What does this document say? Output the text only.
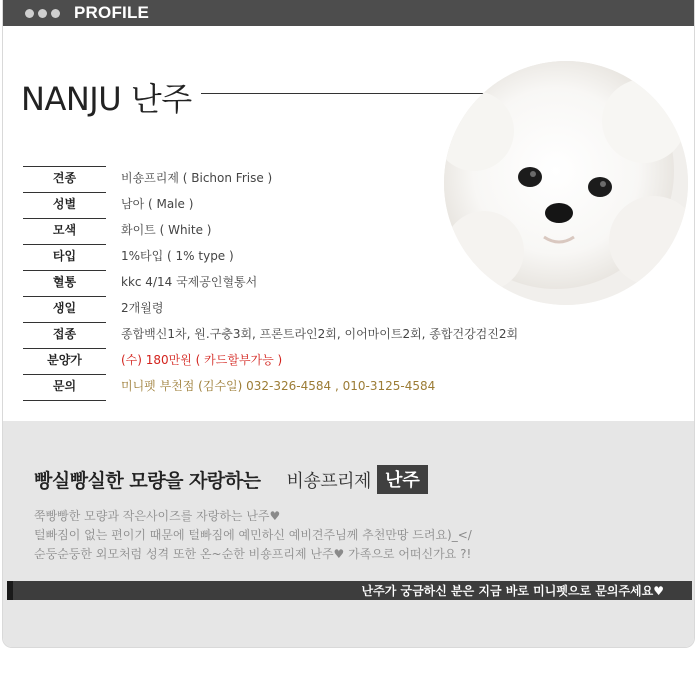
PROFILE
NANJU 난주
견종	비숑프리제 ( Bichon Frise )
성별	남아 ( Male )
모색	화이트 ( White )
타입	1%타입 ( 1% type )
혈통	kkc 4/14 국제공인혈통서
생일	2개월령
접종	종합백신1차, 원.구충3회, 프론트라인2회, 이어마이트2회, 종합건강검진2회
분양가	(수) 180만원 ( 카드할부가능 )
문의	미니펫 부천점 (김수일) 032-326-4584 , 010-3125-4584
빵실빵실한 모량을 자랑하는 비숑프리제 난주
쭉빵빵한 모량과 작은사이즈를 자랑하는 난주♥
털빠짐이 없는 편이기 때문에 털빠짐에 예민하신 예비견주님께 추천만땅 드려요)_</
순둥순둥한 외모처럼 성격 또한 온~순한 비숑프리제 난주♥ 가족으로 어떠신가요 ?!
난주가 궁금하신 분은 지금 바로 미니펫으로 문의주세요♥
